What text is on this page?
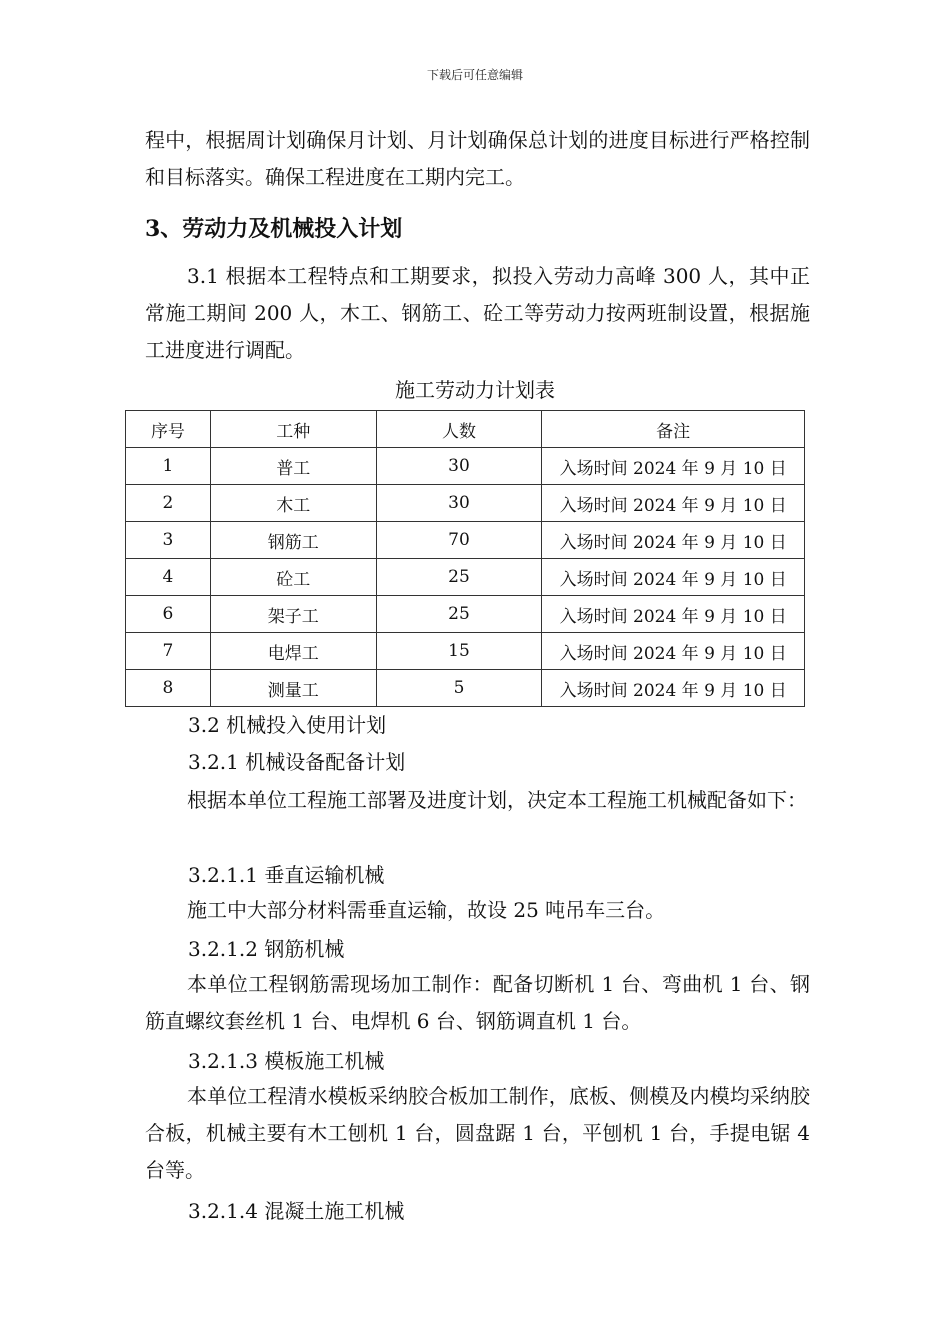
下载后可任意编辑
程中，根据周计划确保月计划、月计划确保总计划的进度目标进行严格控制和目标落实。确保工程进度在工期内完工。
3、劳动力及机械投入计划
3.1 根据本工程特点和工期要求，拟投入劳动力高峰 300 人，其中正常施工期间 200 人，木工、钢筋工、砼工等劳动力按两班制设置，根据施工进度进行调配。
施工劳动力计划表
序号	工种	人数	备注
1	普工	30	入场时间 2024 年 9 月 10 日
2	木工	30	入场时间 2024 年 9 月 10 日
3	钢筋工	70	入场时间 2024 年 9 月 10 日
4	砼工	25	入场时间 2024 年 9 月 10 日
6	架子工	25	入场时间 2024 年 9 月 10 日
7	电焊工	15	入场时间 2024 年 9 月 10 日
8	测量工	5	入场时间 2024 年 9 月 10 日
3.2 机械投入使用计划
3.2.1 机械设备配备计划
根据本单位工程施工部署及进度计划，决定本工程施工机械配备如下：
3.2.1.1 垂直运输机械
施工中大部分材料需垂直运输，故设 25 吨吊车三台。
3.2.1.2 钢筋机械
本单位工程钢筋需现场加工制作：配备切断机 1 台、弯曲机 1 台、钢筋直螺纹套丝机 1 台、电焊机 6 台、钢筋调直机 1 台。
3.2.1.3 模板施工机械
本单位工程清水模板采纳胶合板加工制作，底板、侧模及内模均采纳胶合板，机械主要有木工刨机 1 台，圆盘踞 1 台，平刨机 1 台，手提电锯 4 台等。
3.2.1.4 混凝土施工机械
